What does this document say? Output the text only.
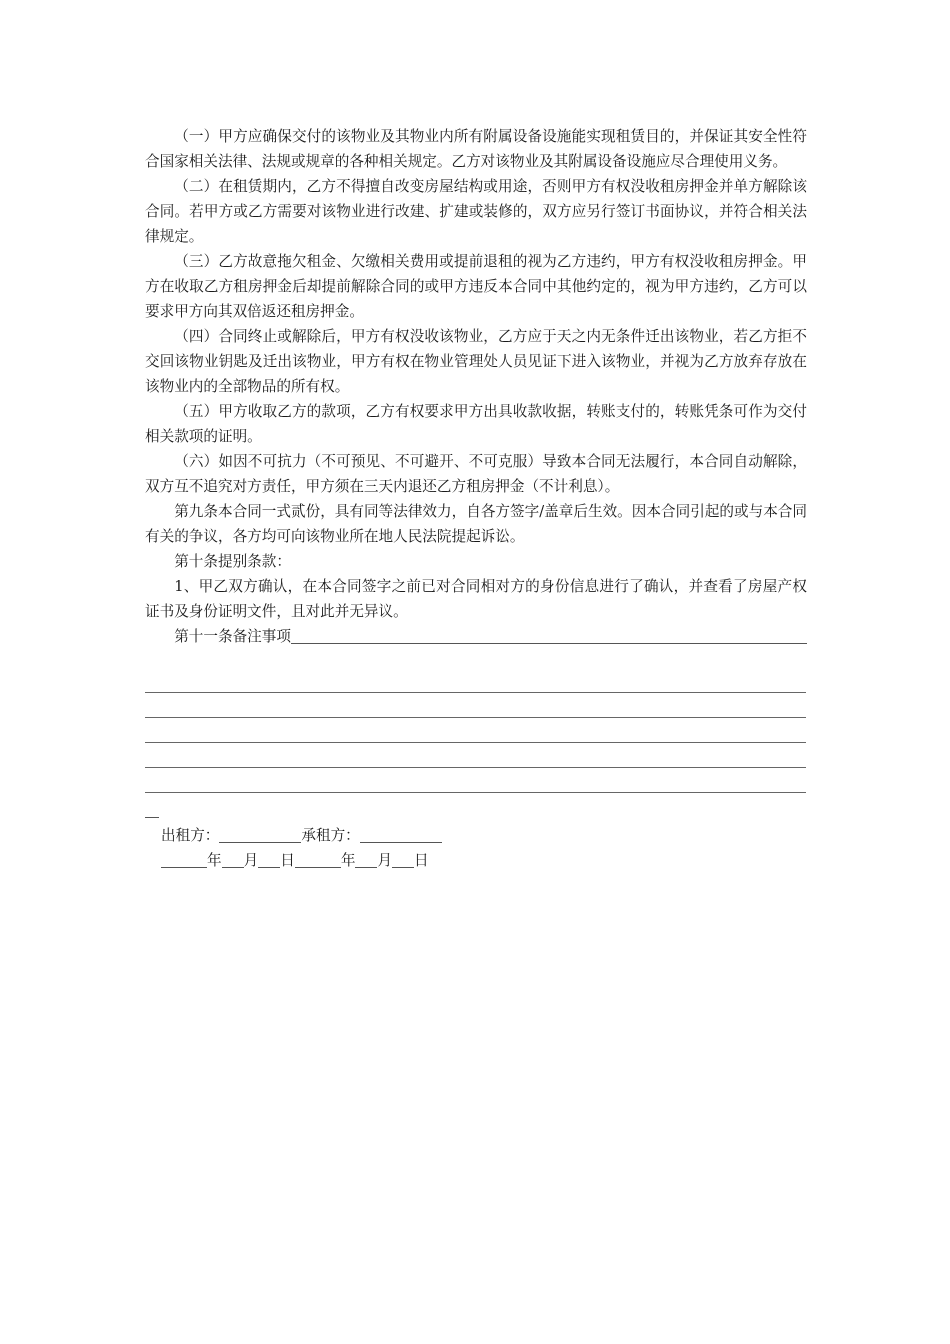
（一）甲方应确保交付的该物业及其物业内所有附属设备设施能实现租赁目的，并保证其安全性符合国家相关法律、法规或规章的各种相关规定。乙方对该物业及其附属设备设施应尽合理使用义务。

（二）在租赁期内，乙方不得擅自改变房屋结构或用途，否则甲方有权没收租房押金并单方解除该合同。若甲方或乙方需要对该物业进行改建、扩建或装修的，双方应另行签订书面协议，并符合相关法律规定。

（三）乙方故意拖欠租金、欠缴相关费用或提前退租的视为乙方违约，甲方有权没收租房押金。甲方在收取乙方租房押金后却提前解除合同的或甲方违反本合同中其他约定的，视为甲方违约，乙方可以要求甲方向其双倍返还租房押金。

（四）合同终止或解除后，甲方有权没收该物业，乙方应于天之内无条件迁出该物业，若乙方拒不交回该物业钥匙及迁出该物业，甲方有权在物业管理处人员见证下进入该物业，并视为乙方放弃存放在该物业内的全部物品的所有权。

（五）甲方收取乙方的款项，乙方有权要求甲方出具收款收据，转账支付的，转账凭条可作为交付相关款项的证明。

（六）如因不可抗力（不可预见、不可避开、不可克服）导致本合同无法履行，本合同自动解除，双方互不追究对方责任，甲方须在三天内退还乙方租房押金（不计利息）。

第九条本合同一式贰份，具有同等法律效力，自各方签字/盖章后生效。因本合同引起的或与本合同有关的争议，各方均可向该物业所在地人民法院提起诉讼。

第十条提别条款：

1、甲乙双方确认，在本合同签字之前已对合同相对方的身份信息进行了确认，并查看了房屋产权证书及身份证明文件，且对此并无异议。

第十一条备注事项
出租方：	承租方：
年 月 日	年 月 日
